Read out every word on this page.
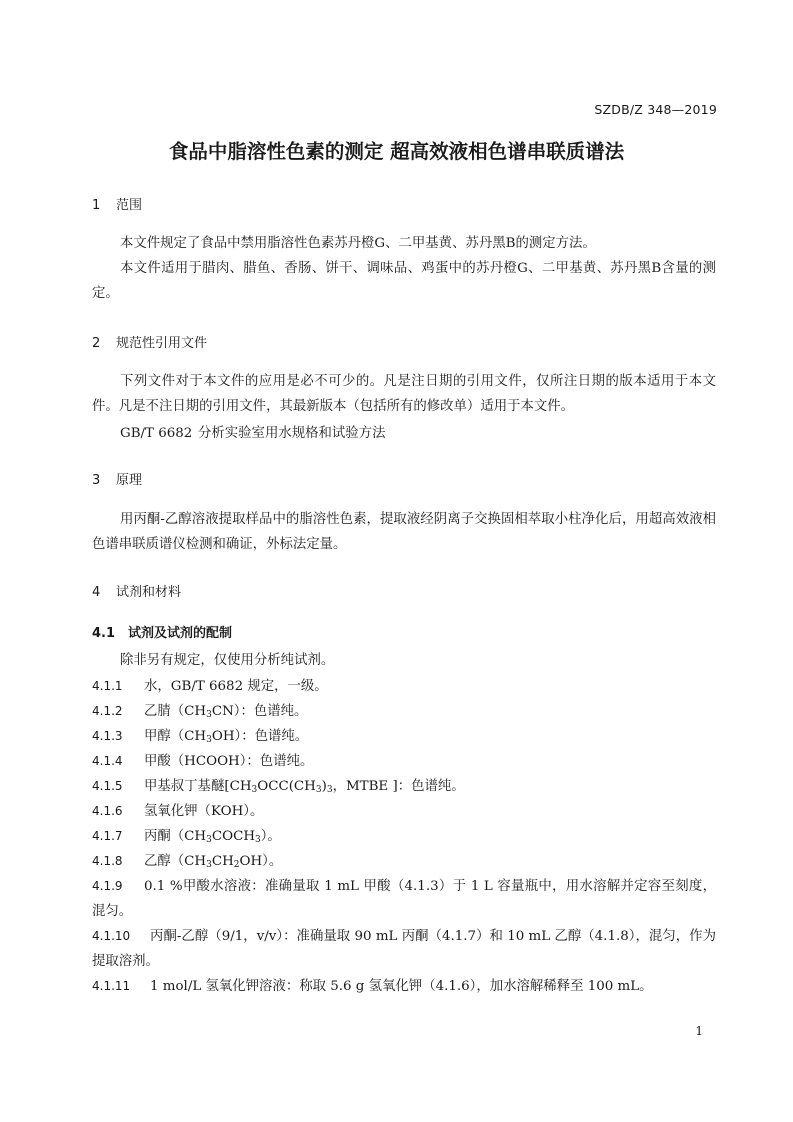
SZDB/Z 348—2019
食品中脂溶性色素的测定 超高效液相色谱串联质谱法
1 范围

本文件规定了食品中禁用脂溶性色素苏丹橙G、二甲基黄、苏丹黑B的测定方法。

本文件适用于腊肉、腊鱼、香肠、饼干、调味品、鸡蛋中的苏丹橙G、二甲基黄、苏丹黑B含量的测定。

2 规范性引用文件

下列文件对于本文件的应用是必不可少的。凡是注日期的引用文件，仅所注日期的版本适用于本文件。凡是不注日期的引用文件，其最新版本（包括所有的修改单）适用于本文件。

GB/T 6682 分析实验室用水规格和试验方法
3 原理

用丙酮-乙醇溶液提取样品中的脂溶性色素，提取液经阴离子交换固相萃取小柱净化后，用超高效液相色谱串联质谱仪检测和确证，外标法定量。

4 试剂和材料
4.1 试剂及试剂的配制

除非另有规定，仅使用分析纯试剂。

4.1.1 水，GB/T 6682 规定，一级。
4.1.2 乙腈$(CH_3CN)$：色谱纯。
4.1.3 甲醇$(CH_3OH)$：色谱纯。
4.1.4 甲酸（HCOOH）：色谱纯。
4.1.5 甲基叔丁基醚[$CH_3OCC(CH_3)_3$，MTBE ]：色谱纯。
4.1.6 氢氧化钾（KOH）。
4.1.7 丙酮$(CH_3COCH_3)$。
4.1.8 乙醇$(CH_3CH_2OH)$。
4.1.9 0.1 %甲酸水溶液：准确量取 1 mL 甲酸（4.1.3）于 1 L 容量瓶中，用水溶解并定容至刻度，混匀。
4.1.10 丙酮-乙醇（9/1，v/v）：准确量取 90 mL 丙酮（4.1.7）和 10 mL 乙醇（4.1.8），混匀，作为提取溶剂。
4.1.11 1 mol/L 氢氧化钾溶液：称取 5.6 g 氢氧化钾（4.1.6），加水溶解稀释至 100 mL。
1
